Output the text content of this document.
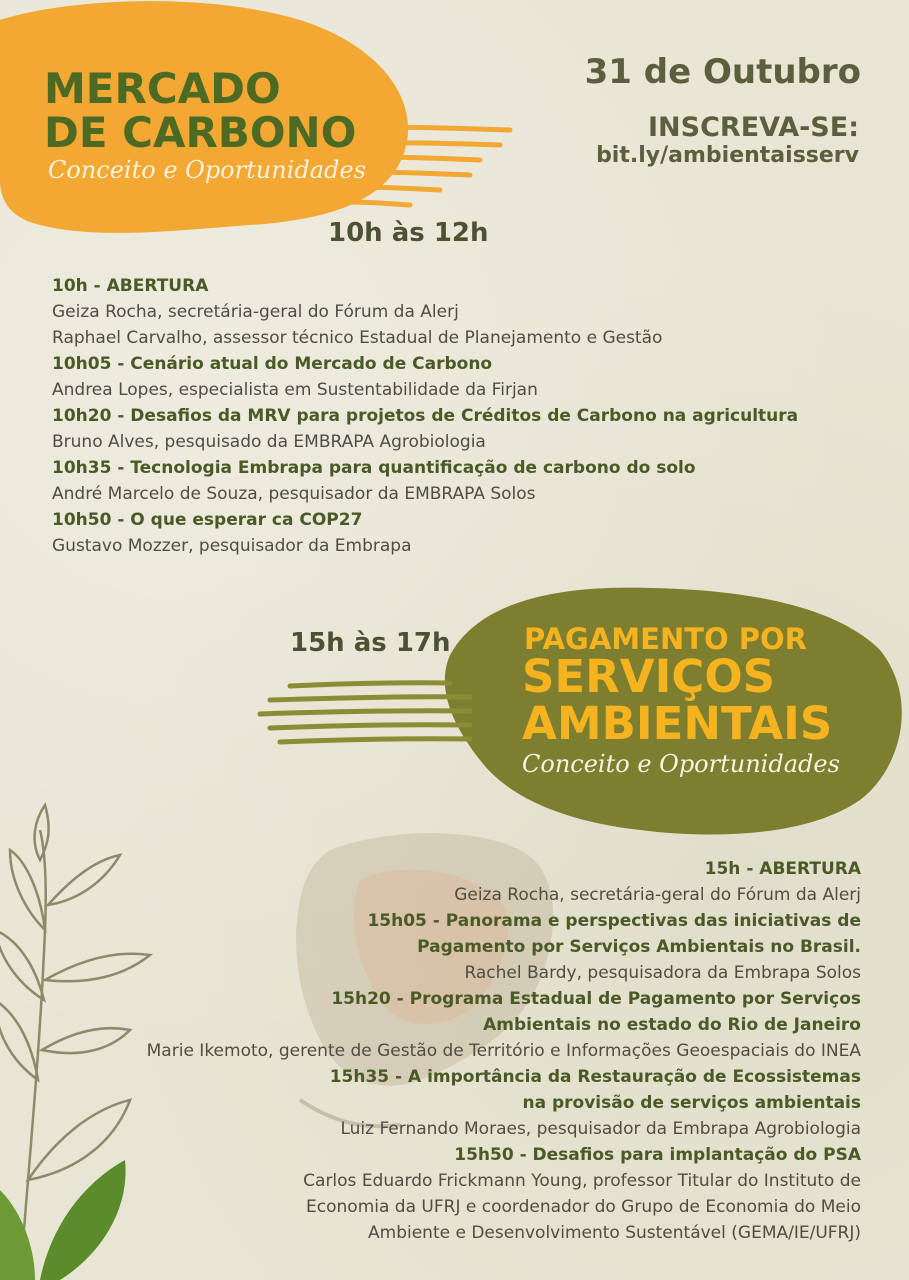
MERCADO
DE CARBONO
Conceito e Oportunidades
31 de Outubro
INSCREVA-SE:
bit.ly/ambientaisserv
10h às 12h
10h - ABERTURA
Geiza Rocha, secretária-geral do Fórum da Alerj
Raphael Carvalho, assessor técnico Estadual de Planejamento e Gestão
10h05 - Cenário atual do Mercado de Carbono
Andrea Lopes, especialista em Sustentabilidade da Firjan
10h20 - Desafios da MRV para projetos de Créditos de Carbono na agricultura
Bruno Alves, pesquisado da EMBRAPA Agrobiologia
10h35 - Tecnologia Embrapa para quantificação de carbono do solo
André Marcelo de Souza, pesquisador da EMBRAPA Solos
10h50 - O que esperar ca COP27
Gustavo Mozzer, pesquisador da Embrapa
15h às 17h	PAGAMENTO POR
SERVIÇOS
AMBIENTAIS
Conceito e Oportunidades
15h - ABERTURA
Geiza Rocha, secretária-geral do Fórum da Alerj
15h05 - Panorama e perspectivas das iniciativas de
Pagamento por Serviços Ambientais no Brasil.
Rachel Bardy, pesquisadora da Embrapa Solos
15h20 - Programa Estadual de Pagamento por Serviços
Ambientais no estado do Rio de Janeiro
Marie Ikemoto, gerente de Gestão de Território e Informações Geoespaciais do INEA
15h35 - A importância da Restauração de Ecossistemas
na provisão de serviços ambientais
Luiz Fernando Moraes, pesquisador da Embrapa Agrobiologia
15h50 - Desafios para implantação do PSA
Carlos Eduardo Frickmann Young, professor Titular do Instituto de
Economia da UFRJ e coordenador do Grupo de Economia do Meio
Ambiente e Desenvolvimento Sustentável (GEMA/IE/UFRJ)
